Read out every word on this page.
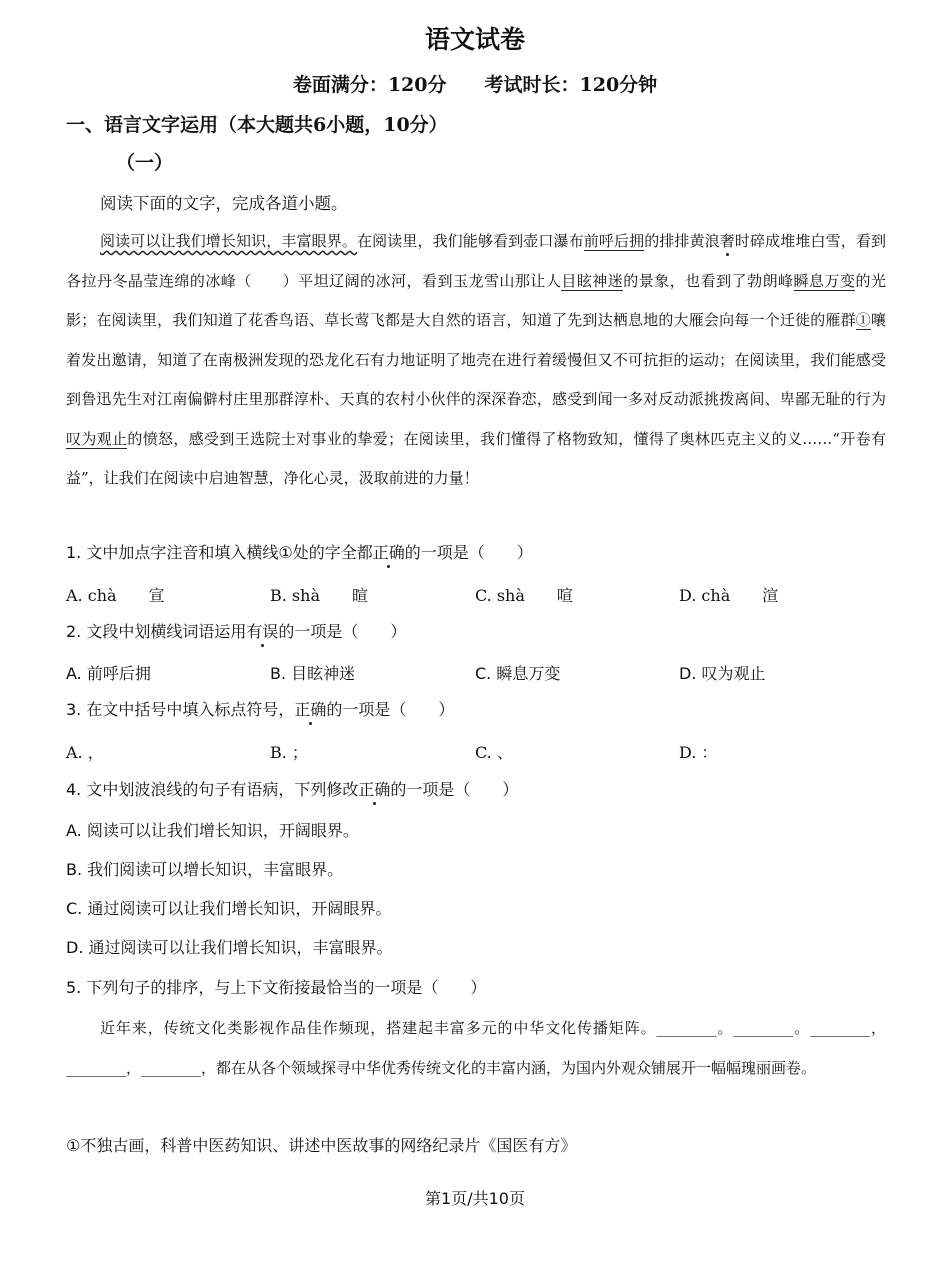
语文试卷
卷面满分：120分 考试时长：120分钟
一、语言文字运用（本大题共6小题，10分）
（一）
阅读下面的文字，完成各道小题。
阅读可以让我们增长知识，丰富眼界。在阅读里，我们能够看到壶口瀑布前呼后拥的排排黄浪奢时碎成堆堆白雪，看到各拉丹冬晶莹连绵的冰峰（　　）平坦辽阔的冰河，看到玉龙雪山那让人目眩神迷的景象，也看到了勃朗峰瞬息万变的光影；在阅读里，我们知道了花香鸟语、草长莺飞都是大自然的语言，知道了先到达栖息地的大雁会向每一个迁徙的雁群①嚷着发出邀请，知道了在南极洲发现的恐龙化石有力地证明了地壳在进行着缓慢但又不可抗拒的运动；在阅读里，我们能感受到鲁迅先生对江南偏僻村庄里那群淳朴、天真的农村小伙伴的深深眷恋，感受到闻一多对反动派挑拨离间、卑鄙无耻的行为叹为观止的愤怒，感受到王选院士对事业的挚爱；在阅读里，我们懂得了格物致知，懂得了奥林匹克主义的义……“开卷有益”，让我们在阅读中启迪智慧，净化心灵，汲取前进的力量！
1. 文中加点字注音和填入横线①处的字全都正确的一项是（　　）
A. chà　　宣	B. shà　　暄	C. shà　　喧	D. chà　　渲
2. 文段中划横线词语运用有误的一项是（　　）
A. 前呼后拥	B. 目眩神迷	C. 瞬息万变	D. 叹为观止
3. 在文中括号中填入标点符号，正确的一项是（　　）
A. ，	B. ；	C. 、	D. ：
4. 文中划波浪线的句子有语病，下列修改正确的一项是（　　）
A. 阅读可以让我们增长知识，开阔眼界。
B. 我们阅读可以增长知识，丰富眼界。
C. 通过阅读可以让我们增长知识，开阔眼界。
D. 通过阅读可以让我们增长知识，丰富眼界。
5. 下列句子的排序，与上下文衔接最恰当的一项是（　　）
近年来，传统文化类影视作品佳作频现，搭建起丰富多元的中华文化传播矩阵。________。________。________，________，________，都在从各个领域探寻中华优秀传统文化的丰富内涵，为国内外观众铺展开一幅幅瑰丽画卷。
①不独古画，科普中医药知识、讲述中医故事的网络纪录片《国医有方》
第1页/共10页
